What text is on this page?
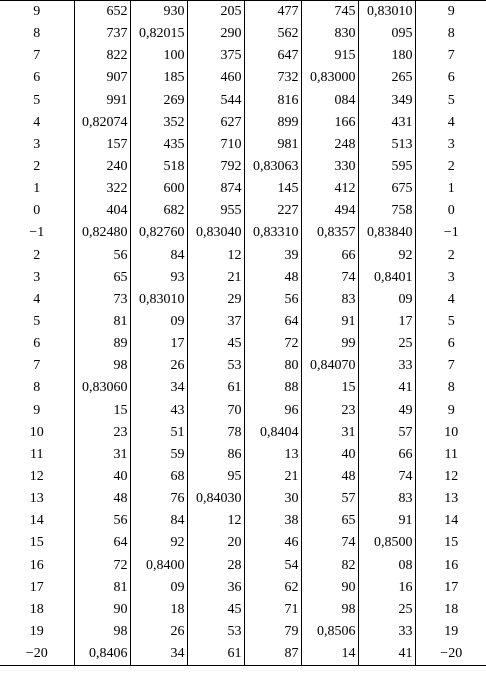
9	652	930	205	477	745	0,83010	9
8	737	0,82015	290	562	830	095	8
7	822	100	375	647	915	180	7
6	907	185	460	732	0,83000	265	6
5	991	269	544	816	084	349	5
4	0,82074	352	627	899	166	431	4
3	157	435	710	981	248	513	3
2	240	518	792	0,83063	330	595	2
1	322	600	874	145	412	675	1
0	404	682	955	227	494	758	0
−1	0,82480	0,82760	0,83040	0,83310	0,8357	0,83840	−1
2	56	84	12	39	66	92	2
3	65	93	21	48	74	0,8401	3
4	73	0,83010	29	56	83	09	4
5	81	09	37	64	91	17	5
6	89	17	45	72	99	25	6
7	98	26	53	80	0,84070	33	7
8	0,83060	34	61	88	15	41	8
9	15	43	70	96	23	49	9
10	23	51	78	0,8404	31	57	10
11	31	59	86	13	40	66	11
12	40	68	95	21	48	74	12
13	48	76	0,84030	30	57	83	13
14	56	84	12	38	65	91	14
15	64	92	20	46	74	0,8500	15
16	72	0,8400	28	54	82	08	16
17	81	09	36	62	90	16	17
18	90	18	45	71	98	25	18
19	98	26	53	79	0,8506	33	19
−20	0,8406	34	61	87	14	41	−20
